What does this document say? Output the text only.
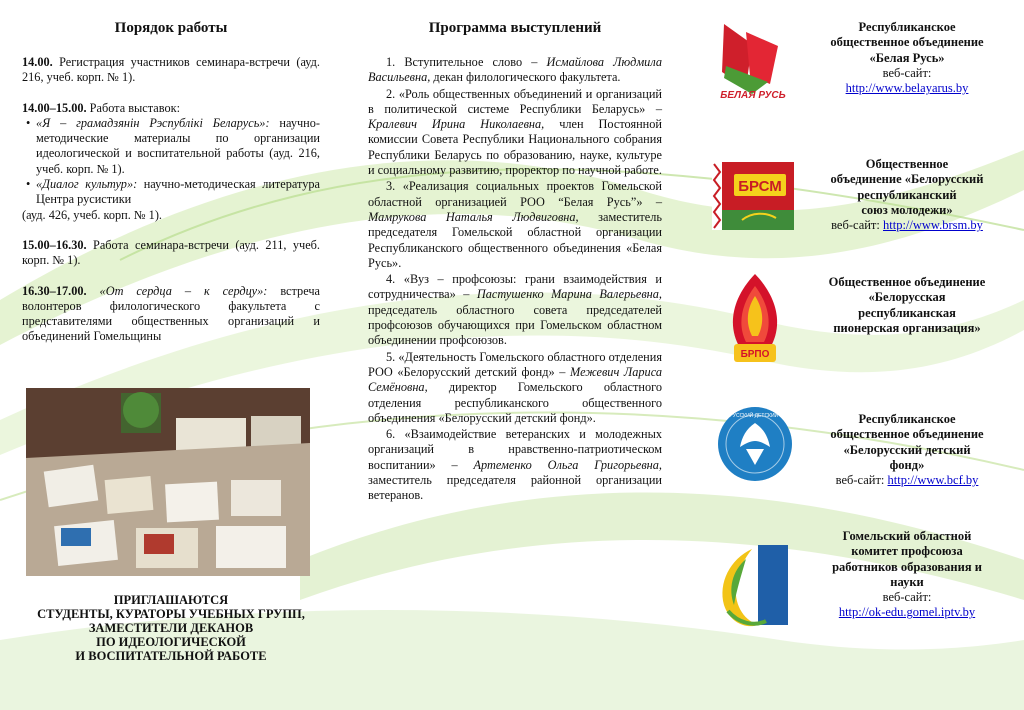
Порядок работы

14.00. Регистрация участников семинара-встречи (ауд. 216, учеб. корп. № 1).

14.00–15.00. Работа выставок:

• «Я – грамадзянін Рэспублікі Беларусь»: научно-методические материалы по организации идеологической и воспитательной работы (ауд. 216, учеб. корп. № 1).

• «Диалог культур»: научно-методическая литература Центра русистики

(ауд. 426, учеб. корп. № 1).

15.00–16.30. Работа семинара-встречи (ауд. 211, учеб. корп. № 1).

16.30–17.00. «От сердца – к сердцу»: встреча волонтеров филологического факультета с представителями общественных организаций и объединений Гомельщины

ПРИГЛАШАЮТСЯ
СТУДЕНТЫ, КУРАТОРЫ УЧЕБНЫХ ГРУПП,
ЗАМЕСТИТЕЛИ ДЕКАНОВ
ПО ИДЕОЛОГИЧЕСКОЙ
И ВОСПИТАТЕЛЬНОЙ РАБОТЕ
Программа выступлений

1. Вступительное слово – Исмайлова Людмила Васильевна, декан филологического факультета.

2. «Роль общественных объединений и организаций в политической системе Республики Беларусь» – Кралевич Ирина Николаевна, член Постоянной комиссии Совета Республики Национального собрания Республики Беларусь по образованию, науке, культуре и социальному развитию, проректор по научной работе.

3. «Реализация социальных проектов Гомельской областной организацией РОО “Белая Русь”» – Мамрукова Наталья Людвиговна, заместитель председателя Гомельской областной организации Республиканского общественного объединения «Белая Русь».

4. «Вуз – профсоюзы: грани взаимодействия и сотрудничества» – Пастушенко Марина Валерьевна, председатель областного совета председателей профсоюзов обучающихся при Гомельском областном объединении профсоюзов.

5. «Деятельность Гомельского областного отделения РОО «Белорусский детский фонд» – Межевич Лариса Семёновна, директор Гомельского областного отделения республиканского общественного объединения «Белорусский детский фонд».

6. «Взаимодействие ветеранских и молодежных организаций в нравственно-патриотическом воспитании» – Артеменко Ольга Григорьевна, заместитель председателя районной организации ветеранов.

БЕЛАЯ РУСЬ
Республиканское
общественное объединение
«Белая Русь»
веб-сайт:
http://www.belayarus.by
БРСМ
Общественное
объединение «Белорусский
республиканский
союз молодежи»
веб-сайт: http://www.brsm.by
БРПО
Общественное объединение
«Белорусская
республиканская
пионерская организация»
БЕЛОРУССКИЙ ДЕТСКИЙ ФОНД	Республиканское
общественное объединение
«Белорусский детский
фонд»
веб-сайт: http://www.bcf.by
БЕЛАРУСКІ ПРАФСАЮЗ
Гомельский областной
комитет профсоюза
работников образования и
науки
веб-сайт:
http://ok-edu.gomel.iptv.by
